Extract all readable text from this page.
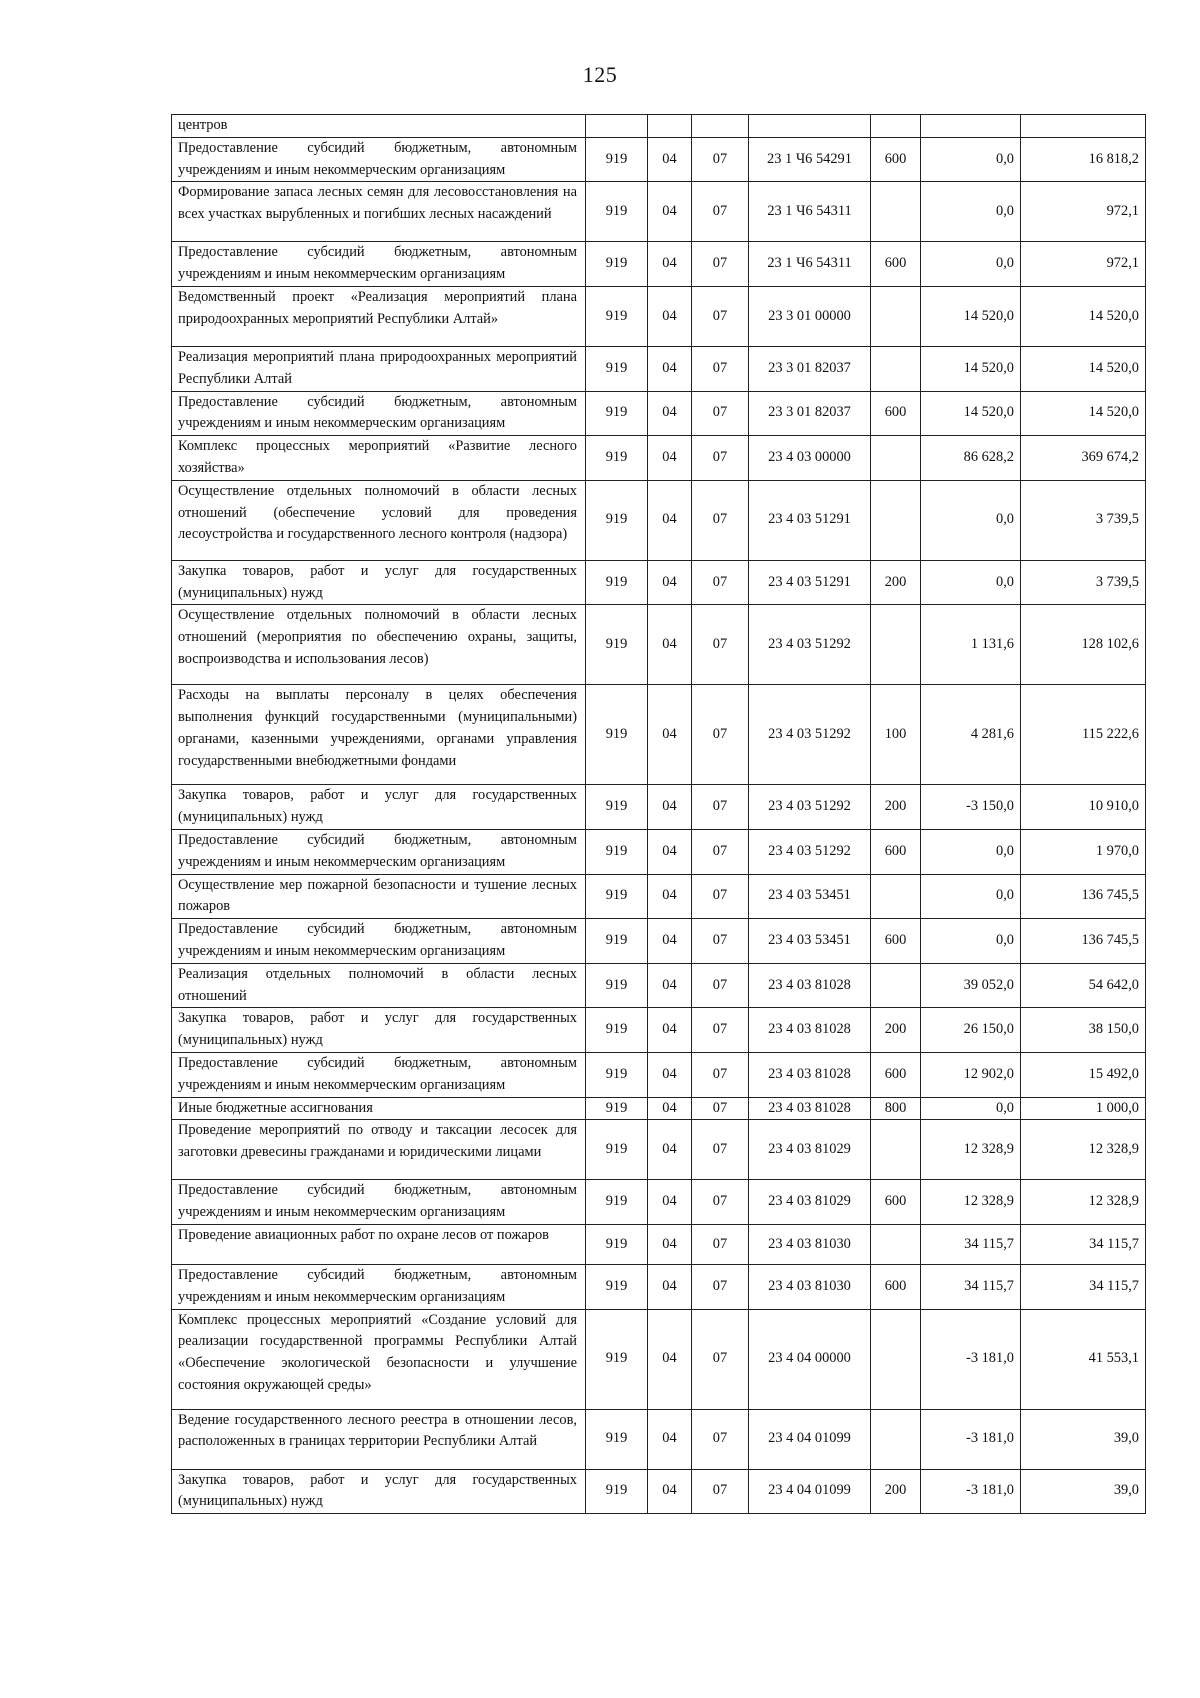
125
центров							
Предоставление субсидий бюджетным, автономным учреждениям и иным некоммерческим организациям	919	04	07	23 1 Ч6 54291	600	0,0	16 818,2
Формирование запаса лесных семян для лесовосстановления на всех участках вырубленных и погибших лесных насаждений	919	04	07	23 1 Ч6 54311		0,0	972,1
Предоставление субсидий бюджетным, автономным учреждениям и иным некоммерческим организациям	919	04	07	23 1 Ч6 54311	600	0,0	972,1
Ведомственный проект «Реализация мероприятий плана природоохранных мероприятий Республики Алтай»	919	04	07	23 3 01 00000		14 520,0	14 520,0
Реализация мероприятий плана природоохранных мероприятий Республики Алтай	919	04	07	23 3 01 82037		14 520,0	14 520,0
Предоставление субсидий бюджетным, автономным учреждениям и иным некоммерческим организациям	919	04	07	23 3 01 82037	600	14 520,0	14 520,0
Комплекс процессных мероприятий «Развитие лесного хозяйства»	919	04	07	23 4 03 00000		86 628,2	369 674,2
Осуществление отдельных полномочий в области лесных отношений (обеспечение условий для проведения лесоустройства и государственного лесного контроля (надзора)	919	04	07	23 4 03 51291		0,0	3 739,5
Закупка товаров, работ и услуг для государственных (муниципальных) нужд	919	04	07	23 4 03 51291	200	0,0	3 739,5
Осуществление отдельных полномочий в области лесных отношений (мероприятия по обеспечению охраны, защиты, воспроизводства и использования лесов)	919	04	07	23 4 03 51292		1 131,6	128 102,6
Расходы на выплаты персоналу в целях обеспечения выполнения функций государственными (муниципальными) органами, казенными учреждениями, органами управления государственными внебюджетными фондами	919	04	07	23 4 03 51292	100	4 281,6	115 222,6
Закупка товаров, работ и услуг для государственных (муниципальных) нужд	919	04	07	23 4 03 51292	200	-3 150,0	10 910,0
Предоставление субсидий бюджетным, автономным учреждениям и иным некоммерческим организациям	919	04	07	23 4 03 51292	600	0,0	1 970,0
Осуществление мер пожарной безопасности и тушение лесных пожаров	919	04	07	23 4 03 53451		0,0	136 745,5
Предоставление субсидий бюджетным, автономным учреждениям и иным некоммерческим организациям	919	04	07	23 4 03 53451	600	0,0	136 745,5
Реализация отдельных полномочий в области лесных отношений	919	04	07	23 4 03 81028		39 052,0	54 642,0
Закупка товаров, работ и услуг для государственных (муниципальных) нужд	919	04	07	23 4 03 81028	200	26 150,0	38 150,0
Предоставление субсидий бюджетным, автономным учреждениям и иным некоммерческим организациям	919	04	07	23 4 03 81028	600	12 902,0	15 492,0
Иные бюджетные ассигнования	919	04	07	23 4 03 81028	800	0,0	1 000,0
Проведение мероприятий по отводу и таксации лесосек для заготовки древесины гражданами и юридическими лицами	919	04	07	23 4 03 81029		12 328,9	12 328,9
Предоставление субсидий бюджетным, автономным учреждениям и иным некоммерческим организациям	919	04	07	23 4 03 81029	600	12 328,9	12 328,9
Проведение авиационных работ по охране лесов от пожаров	919	04	07	23 4 03 81030		34 115,7	34 115,7
Предоставление субсидий бюджетным, автономным учреждениям и иным некоммерческим организациям	919	04	07	23 4 03 81030	600	34 115,7	34 115,7
Комплекс процессных мероприятий «Создание условий для реализации государственной программы Республики Алтай «Обеспечение экологической безопасности и улучшение состояния окружающей среды»	919	04	07	23 4 04 00000		-3 181,0	41 553,1
Ведение государственного лесного реестра в отношении лесов, расположенных в границах территории Республики Алтай	919	04	07	23 4 04 01099		-3 181,0	39,0
Закупка товаров, работ и услуг для государственных (муниципальных) нужд	919	04	07	23 4 04 01099	200	-3 181,0	39,0
